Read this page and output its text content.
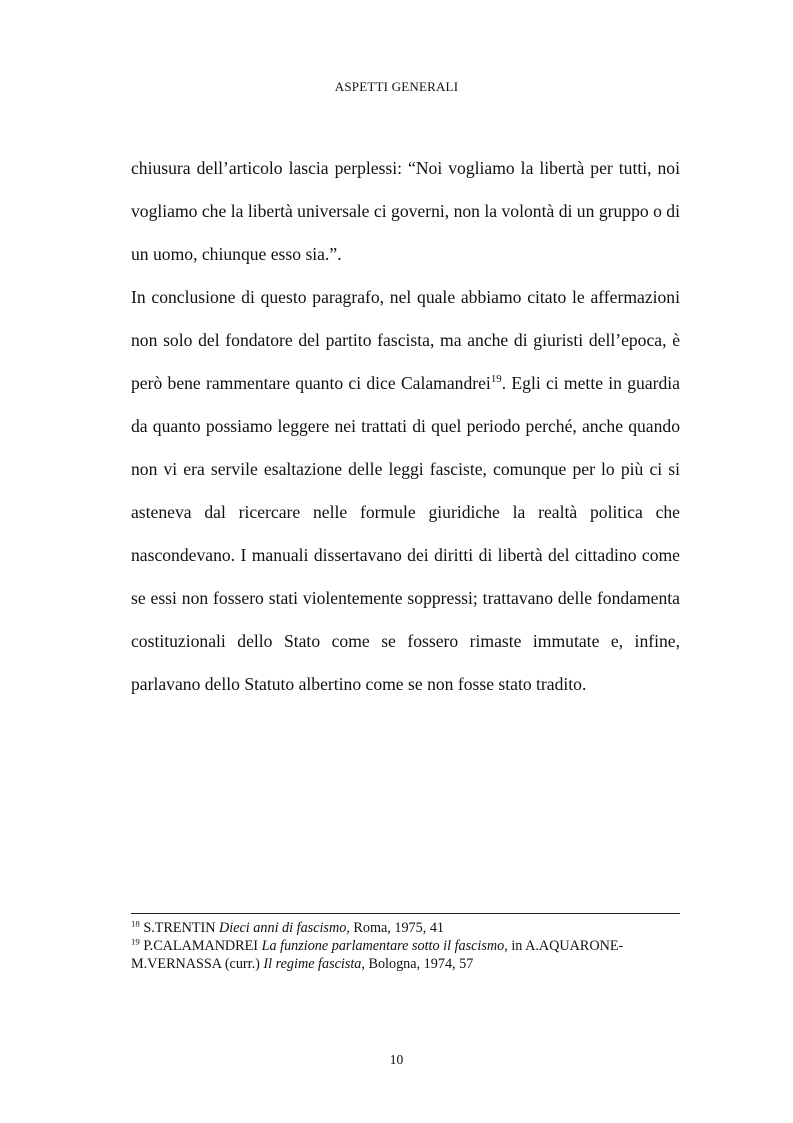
ASPETTI GENERALI

chiusura dell’articolo lascia perplessi: “Noi vogliamo la libertà per tutti, noi vogliamo che la libertà universale ci governi, non la volontà di un gruppo o di un uomo, chiunque esso sia.”.

In conclusione di questo paragrafo, nel quale abbiamo citato le affermazioni non solo del fondatore del partito fascista, ma anche di giuristi dell’epoca, è però bene rammentare quanto ci dice Calamandrei$^{19}$. Egli ci mette in guardia da quanto possiamo leggere nei trattati di quel periodo perché, anche quando non vi era servile esaltazione delle leggi fasciste, comunque per lo più ci si asteneva dal ricercare nelle formule giuridiche la realtà politica che nascondevano. I manuali dissertavano dei diritti di libertà del cittadino come se essi non fossero stati violentemente soppressi; trattavano delle fondamenta costituzionali dello Stato come se fossero rimaste immutate e, infine, parlavano dello Statuto albertino come se non fosse stato tradito.

$^{18}$ S.TRENTIN Dieci anni di fascismo, Roma, 1975, 41

$^{19}$ P.CALAMANDREI La funzione parlamentare sotto il fascismo, in A.AQUARONE-M.VERNASSA (curr.) Il regime fascista, Bologna, 1974, 57

10
